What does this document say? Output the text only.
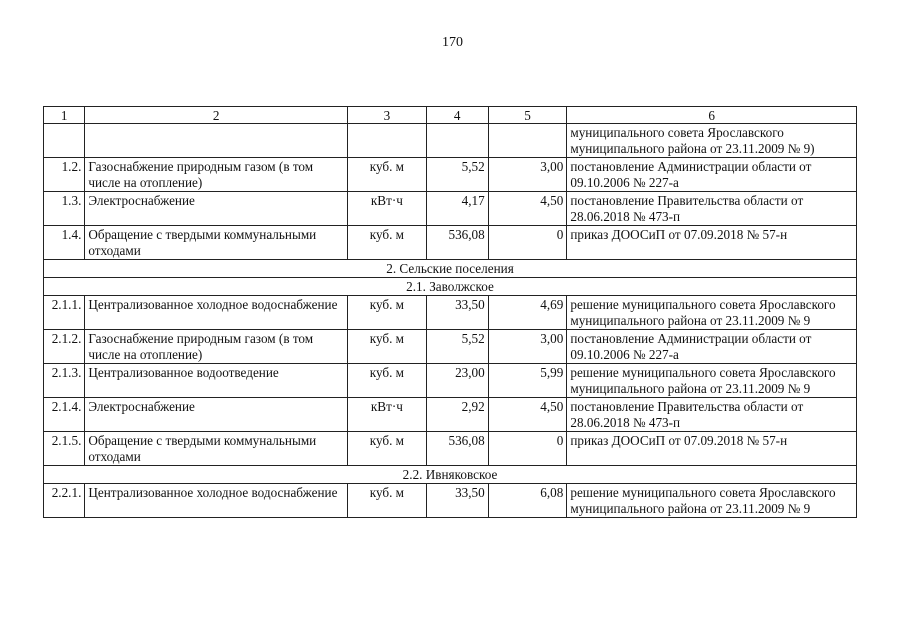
170
1	2	3	4	5	6
					муниципального совета Ярославского муниципального района от 23.11.2009 № 9)
1.2.	Газоснабжение природным газом (в том числе на отопление)	куб. м	5,52	3,00	постановление Администрации области от 09.10.2006 № 227-а
1.3.	Электроснабжение	кВт·ч	4,17	4,50	постановление Правительства области от 28.06.2018 № 473-п
1.4.	Обращение с твердыми коммунальными отходами	куб. м	536,08	0	приказ ДООСиП от 07.09.2018 № 57-н
2. Сельские поселения					
2.1. Заволжское					
2.1.1.	Централизованное холодное водоснабжение	куб. м	33,50	4,69	решение муниципального совета Ярославского муниципального района от 23.11.2009 № 9
2.1.2.	Газоснабжение природным газом (в том числе на отопление)	куб. м	5,52	3,00	постановление Администрации области от 09.10.2006 № 227-а
2.1.3.	Централизованное водоотведение	куб. м	23,00	5,99	решение муниципального совета Ярославского муниципального района от 23.11.2009 № 9
2.1.4.	Электроснабжение	кВт·ч	2,92	4,50	постановление Правительства области от 28.06.2018 № 473-п
2.1.5.	Обращение с твердыми коммунальными отходами	куб. м	536,08	0	приказ ДООСиП от 07.09.2018 № 57-н
2.2. Ивняковское					
2.2.1.	Централизованное холодное водоснабжение	куб. м	33,50	6,08	решение муниципального совета Ярославского муниципального района от 23.11.2009 № 9
